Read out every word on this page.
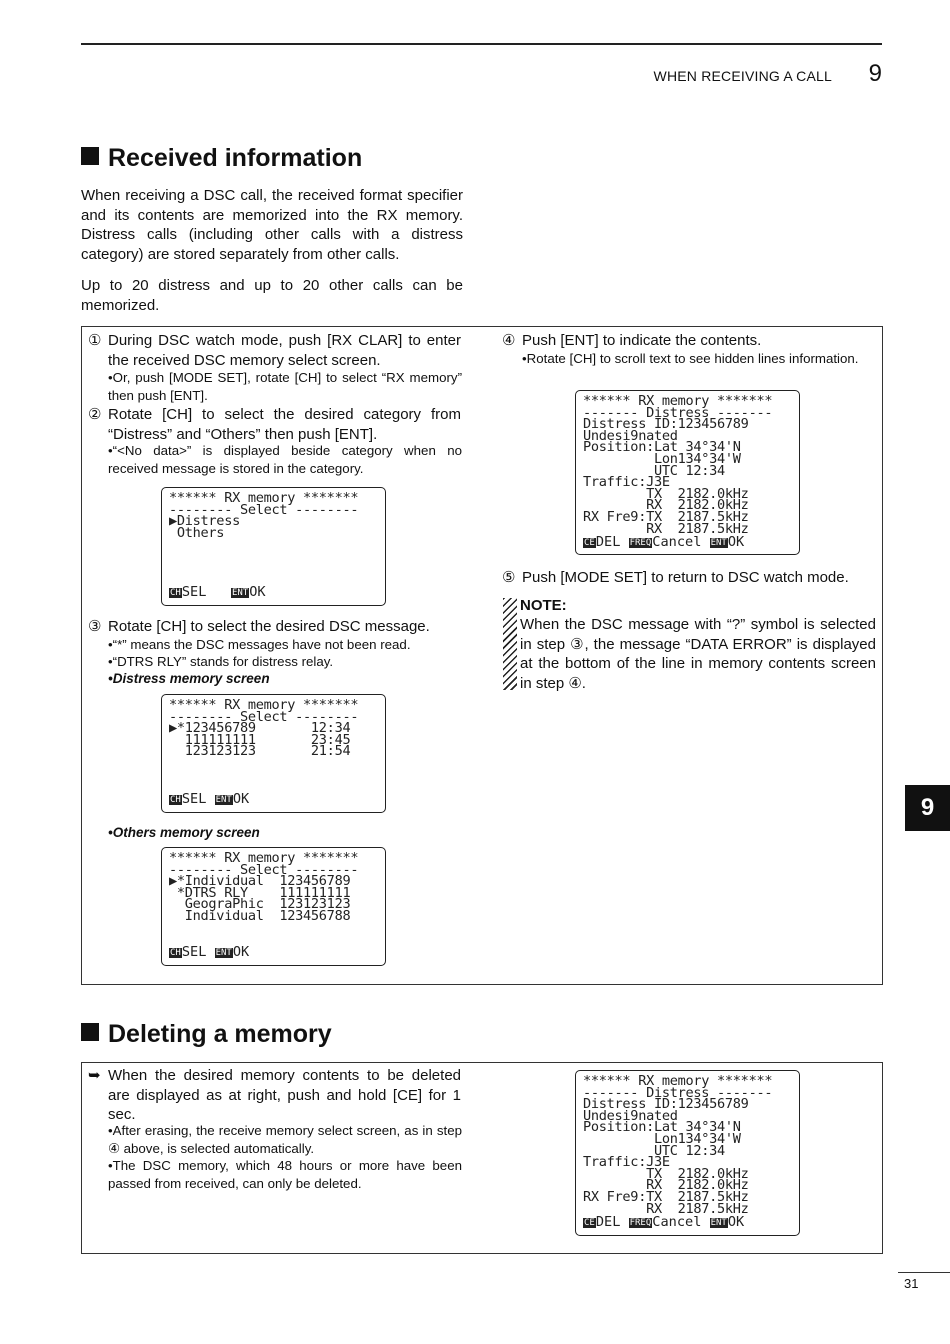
WHEN RECEIVING A CALL 9
Received information
When receiving a DSC call, the received format specifier and its contents are memorized into the RX memory. Distress calls (including other calls with a distress category) are stored separately from other calls.
Up to 20 distress and up to 20 other calls can be memorized.
① During DSC watch mode, push [RX CLAR] to enter the received DSC memory select screen.
•Or, push [MODE SET], rotate [CH] to select “RX memory” then push [ENT].
② Rotate [CH] to select the desired category from “Distress” and “Others” then push [ENT].
•“<No data>” is displayed beside category when no received message is stored in the category.
****** RX memory *******
-------- Select --------
▶Distress
Others
CHSEL	ENTOK
③ Rotate [CH] to select the desired DSC message.
•“*” means the DSC messages have not been read.
•“DTRS RLY” stands for distress relay.
•Distress memory screen
****** RX memory *******
-------- Select --------
▶*123456789       12:34
111111111       23:45
123123123       21:54
CHSEL ENTOK
•Others memory screen
****** RX memory *******
-------- Select --------
▶*Individual  123456789
*DTRS RLY    111111111
GeograPhic  123123123
Individual  123456788
CHSEL ENTOK
④ Push [ENT] to indicate the contents.
•Rotate [CH] to scroll text to see hidden lines information.
****** RX memory *******
------- Distress -------
Distress ID:123456789
Undesi9nated
Position:Lat 34°34'N
Lon134°34'W
UTC 12:34
Traffic:J3E
TX  2182.0kHz
RX  2182.0kHz
RX Fre9:TX  2187.5kHz
RX  2187.5kHz
CEDEL FREQCancel ENTOK
⑤ Push [MODE SET] to return to DSC watch mode.
NOTE:
When the DSC message with “?” symbol is selected in step ③, the message “DATA ERROR” is displayed at the bottom of the line in memory contents screen in step ④.
Deleting a memory
➥ When the desired memory contents to be deleted are displayed as at right, push and hold [CE] for 1 sec.
•After erasing, the receive memory select screen, as in step ④ above, is selected automatically.
•The DSC memory, which 48 hours or more have been passed from received, can only be deleted.
****** RX memory *******
------- Distress -------
Distress ID:123456789
Undesi9nated
Position:Lat 34°34'N
Lon134°34'W
UTC 12:34
Traffic:J3E
TX  2182.0kHz
RX  2182.0kHz
RX Fre9:TX  2187.5kHz
RX  2187.5kHz
CEDEL FREQCancel ENTOK
9
31
